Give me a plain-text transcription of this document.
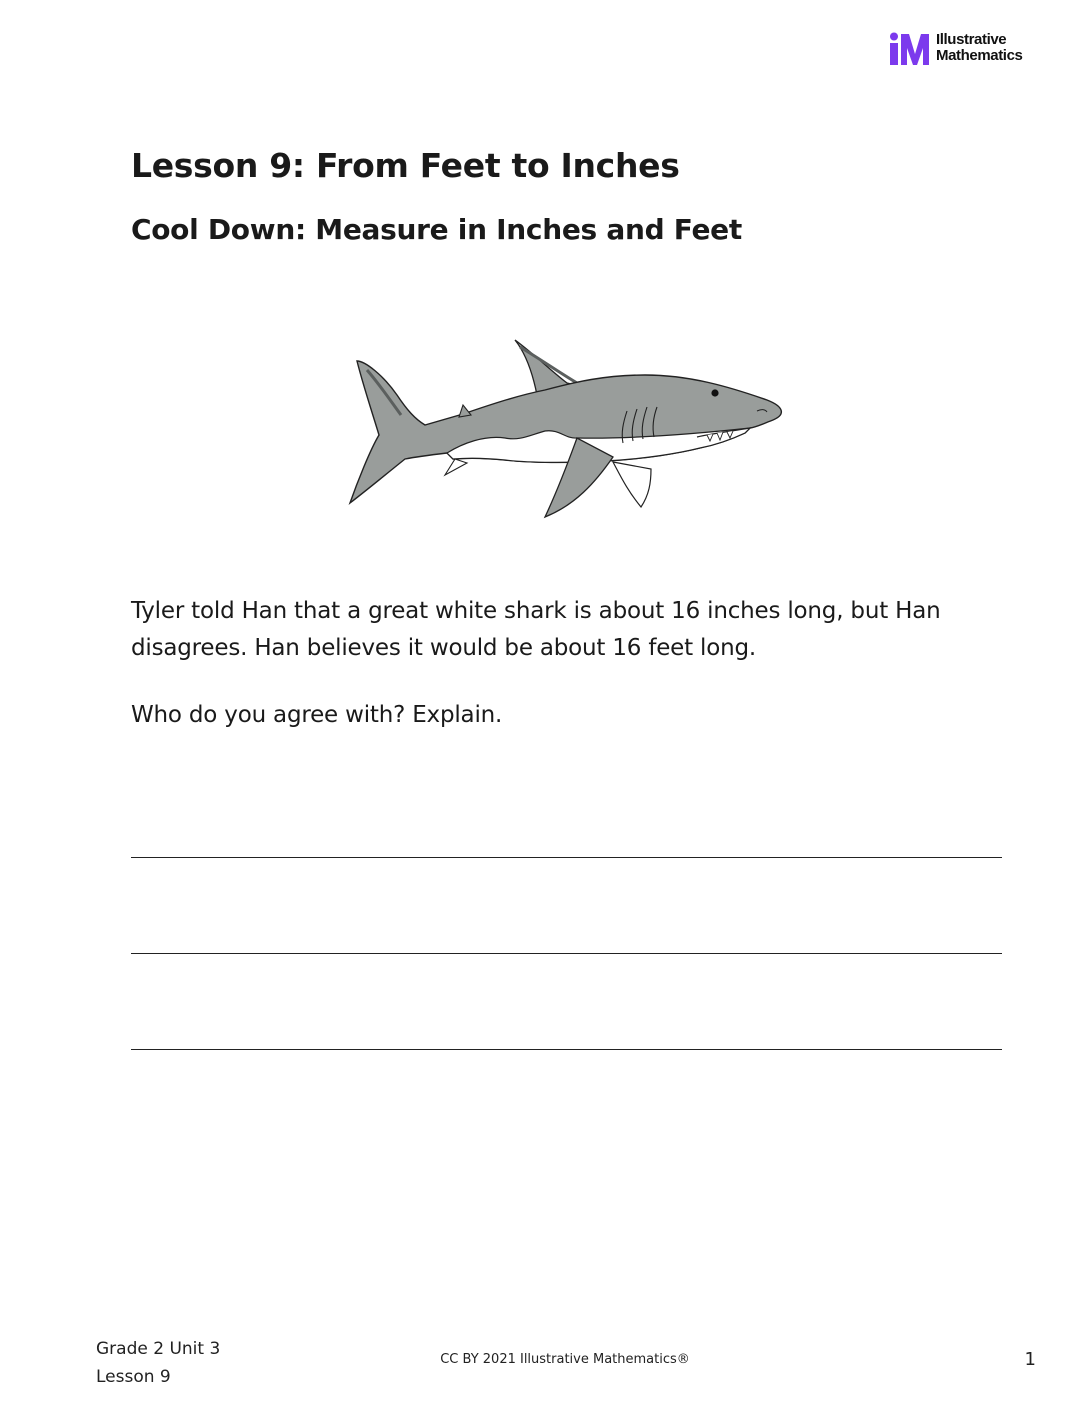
Illustrative
Mathematics
Lesson 9: From Feet to Inches
Cool Down: Measure in Inches and Feet

Tyler told Han that a great white shark is about 16 inches long, but Han disagrees. Han believes it would be about 16 feet long.

Who do you agree with? Explain.

Grade 2 Unit 3
Lesson 9
CC BY 2021 Illustrative Mathematics®	1
